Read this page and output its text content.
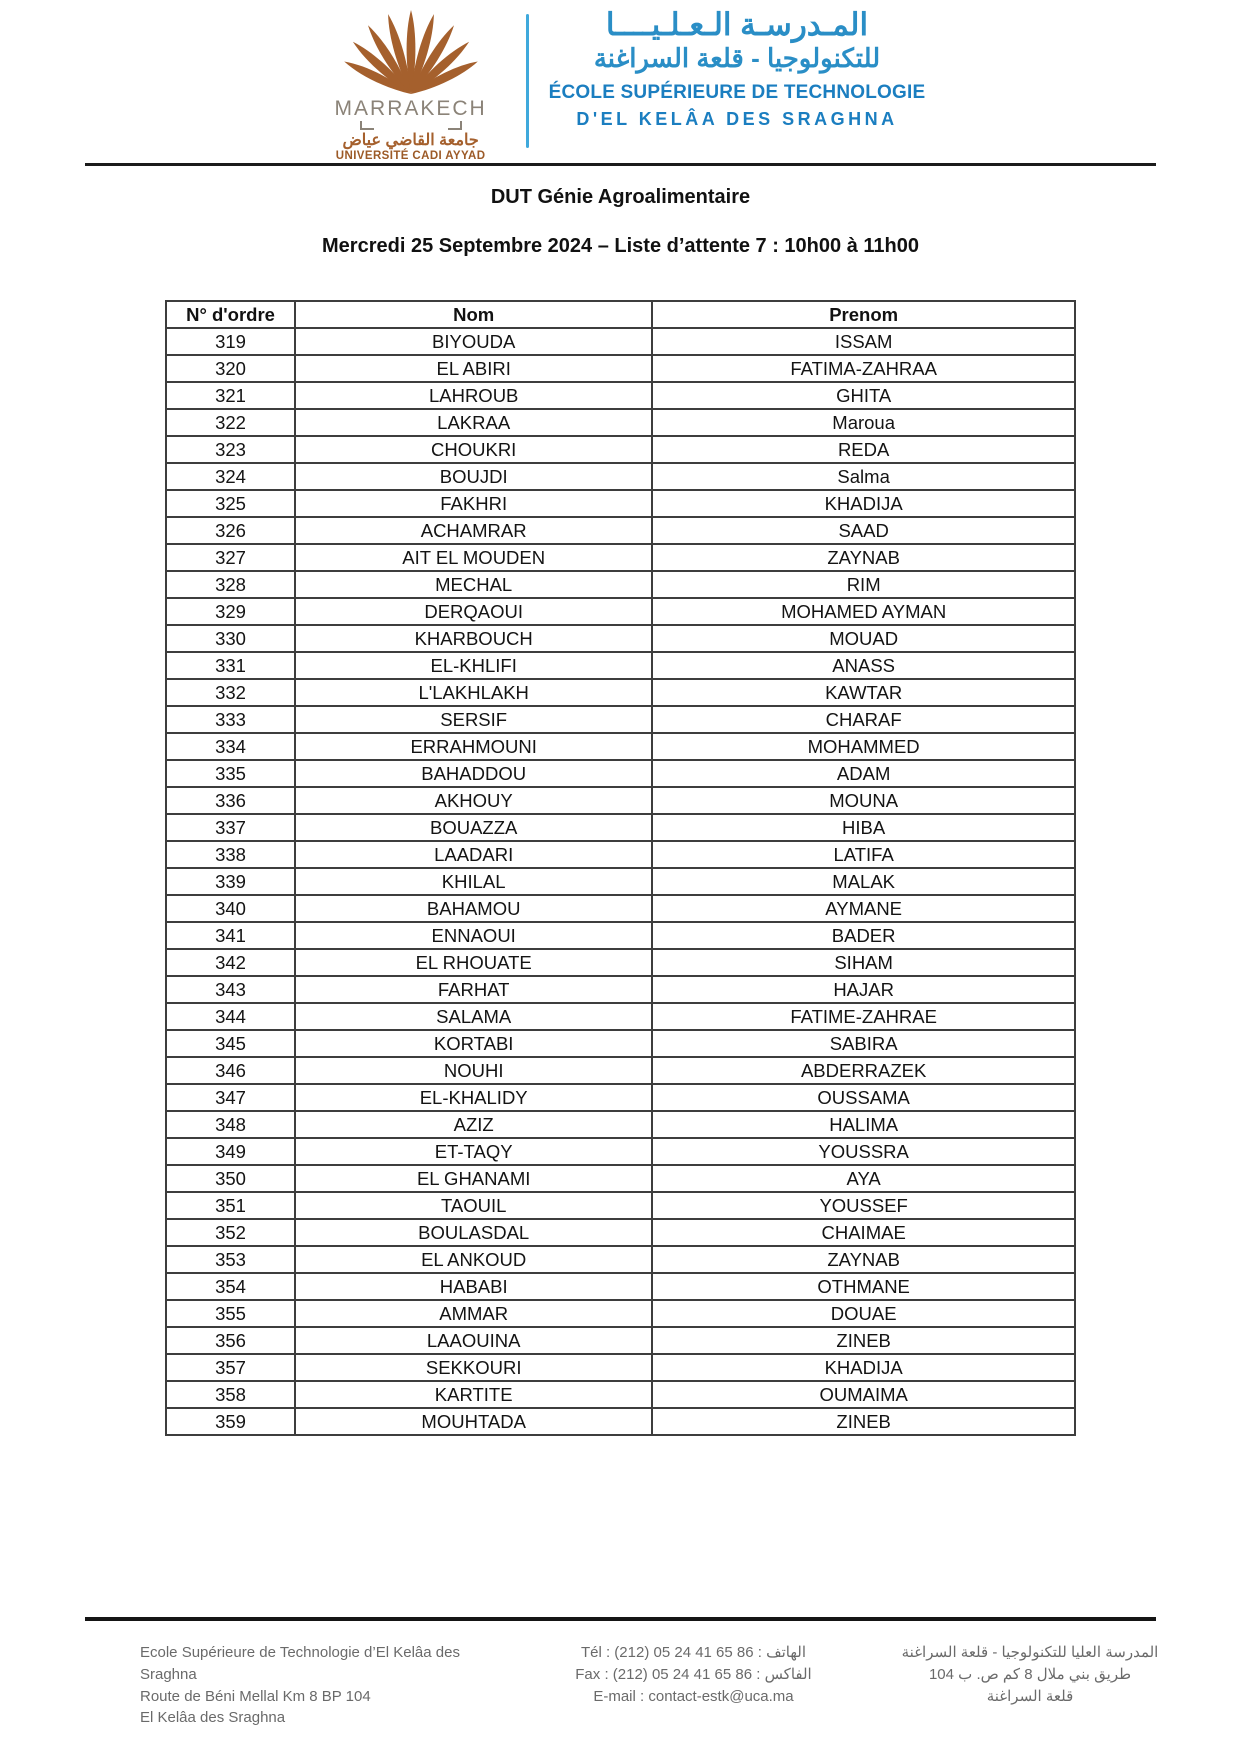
MARRAKECH
جامعة القاضي عياض
UNIVERSITÉ CADI AYYAD
المـدرسـة الـعـلـيــــا
للتكنولوجيا - قلعة السراغنة
ÉCOLE SUPÉRIEURE DE TECHNOLOGIE
D'EL KELÂA DES SRAGHNA
DUT Génie Agroalimentaire
Mercredi 25 Septembre 2024 – Liste d’attente 7 : 10h00 à 11h00
N° d'ordre	Nom	Prenom
319	BIYOUDA	ISSAM
320	EL ABIRI	FATIMA-ZAHRAA
321	LAHROUB	GHITA
322	LAKRAA	Maroua
323	CHOUKRI	REDA
324	BOUJDI	Salma
325	FAKHRI	KHADIJA
326	ACHAMRAR	SAAD
327	AIT EL MOUDEN	ZAYNAB
328	MECHAL	RIM
329	DERQAOUI	MOHAMED AYMAN
330	KHARBOUCH	MOUAD
331	EL-KHLIFI	ANASS
332	L'LAKHLAKH	KAWTAR
333	SERSIF	CHARAF
334	ERRAHMOUNI	MOHAMMED
335	BAHADDOU	ADAM
336	AKHOUY	MOUNA
337	BOUAZZA	HIBA
338	LAADARI	LATIFA
339	KHILAL	MALAK
340	BAHAMOU	AYMANE
341	ENNAOUI	BADER
342	EL RHOUATE	SIHAM
343	FARHAT	HAJAR
344	SALAMA	FATIME-ZAHRAE
345	KORTABI	SABIRA
346	NOUHI	ABDERRAZEK
347	EL-KHALIDY	OUSSAMA
348	AZIZ	HALIMA
349	ET-TAQY	YOUSSRA
350	EL GHANAMI	AYA
351	TAOUIL	YOUSSEF
352	BOULASDAL	CHAIMAE
353	EL ANKOUD	ZAYNAB
354	HABABI	OTHMANE
355	AMMAR	DOUAE
356	LAAOUINA	ZINEB
357	SEKKOURI	KHADIJA
358	KARTITE	OUMAIMA
359	MOUHTADA	ZINEB

Ecole Supérieure de Technologie d’El Kelâa des Sraghna

Route de Béni Mellal Km 8 BP 104

El Kelâa des Sraghna

Tél : (212) 05 24 41 65 86 : الهاتف

Fax : (212) 05 24 41 65 86 : الفاكس

E-mail : contact-estk@uca.ma

المدرسة العليا للتكنولوجيا - قلعة السراغنة

طريق بني ملال 8 كم ص. ب 104

قلعة السراغنة
